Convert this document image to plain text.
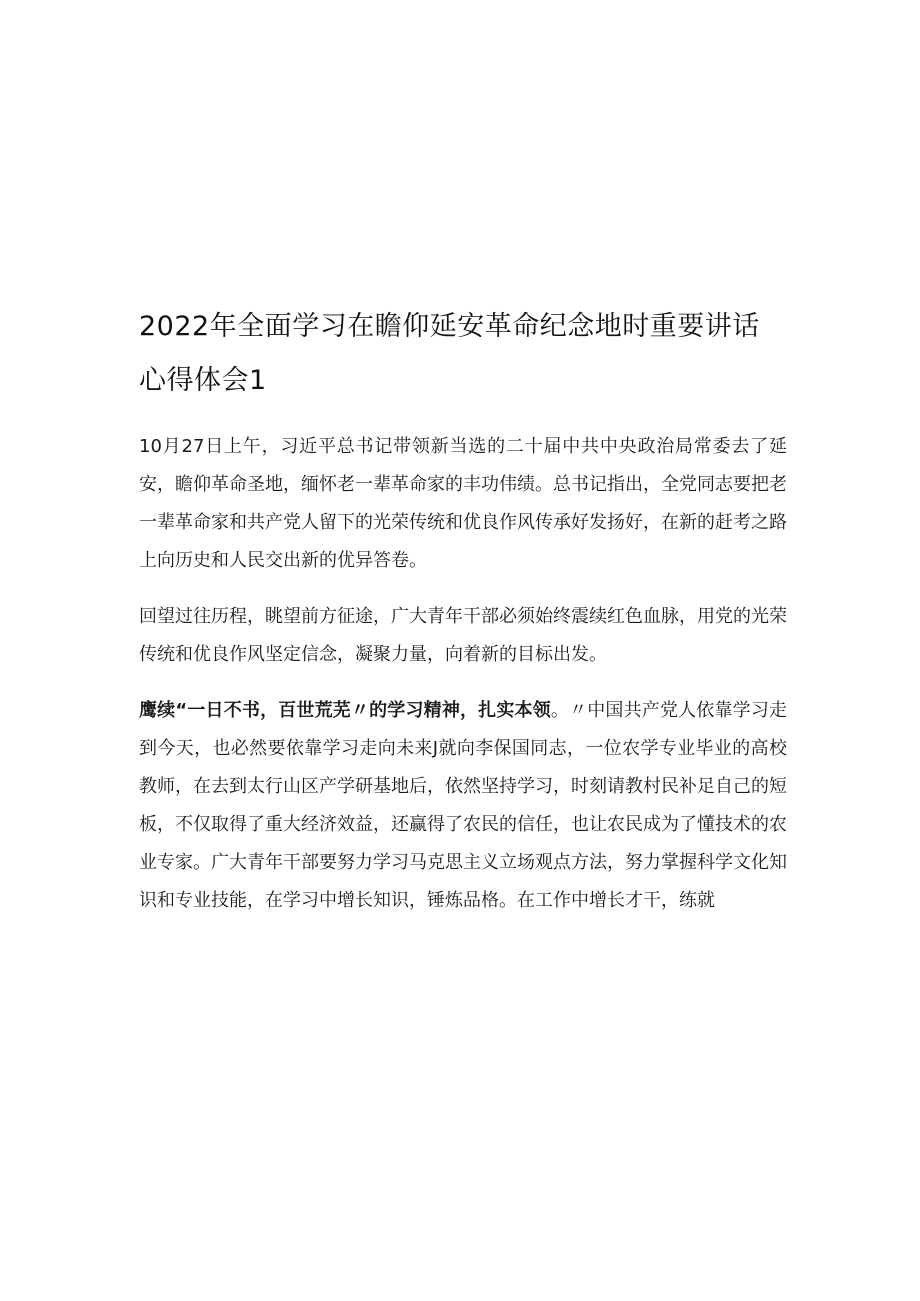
2022年全面学习在瞻仰延安革命纪念地时重要讲话心得体会1

10月27日上午，习近平总书记带领新当选的二十届中共中央政治局常委去了延安，瞻仰革命圣地，缅怀老一辈革命家的丰功伟绩。总书记指出，全党同志要把老一辈革命家和共产党人留下的光荣传统和优良作风传承好发扬好，在新的赶考之路上向历史和人民交出新的优异答卷。

回望过往历程，眺望前方征途，广大青年干部必须始终震续红色血脉，用党的光荣传统和优良作风坚定信念，凝聚力量，向着新的目标出发。

鹰续“一日不书，百世荒芜〃的学习精神，扎实本领。〃中国共产党人依靠学习走到今天，也必然要依靠学习走向未来J就向李保国同志，一位农学专业毕业的高校教师，在去到太行山区产学研基地后，依然坚持学习，时刻请教村民补足自己的短板，不仅取得了重大经济效益，还赢得了农民的信任，也让农民成为了懂技术的农业专家。广大青年干部要努力学习马克思主义立场观点方法，努力掌握科学文化知识和专业技能，在学习中增长知识，锤炼品格。在工作中增长才干，练就
